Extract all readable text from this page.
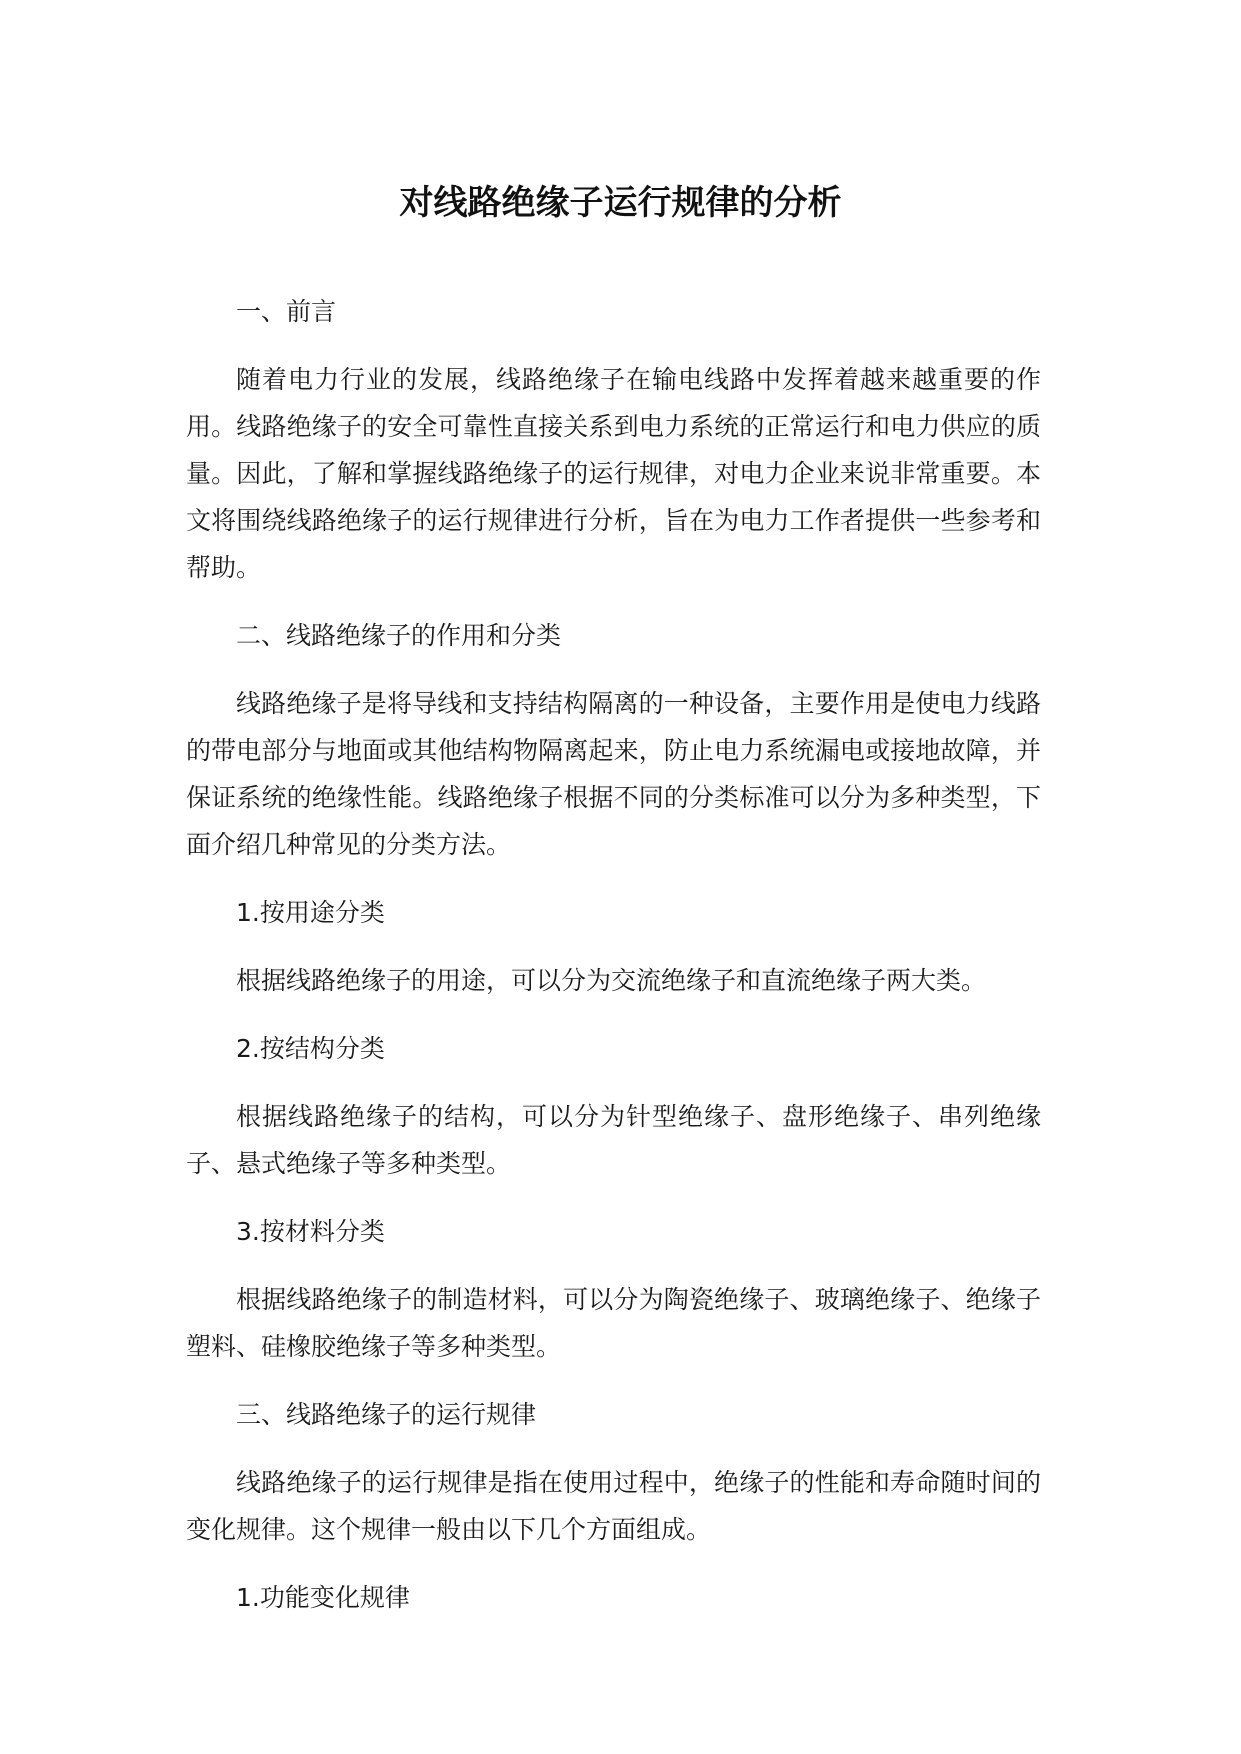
对线路绝缘子运行规律的分析

一、前言

随着电力行业的发展，线路绝缘子在输电线路中发挥着越来越重要的作用。线路绝缘子的安全可靠性直接关系到电力系统的正常运行和电力供应的质量。因此，了解和掌握线路绝缘子的运行规律，对电力企业来说非常重要。本文将围绕线路绝缘子的运行规律进行分析，旨在为电力工作者提供一些参考和帮助。

二、线路绝缘子的作用和分类

线路绝缘子是将导线和支持结构隔离的一种设备，主要作用是使电力线路的带电部分与地面或其他结构物隔离起来，防止电力系统漏电或接地故障，并保证系统的绝缘性能。线路绝缘子根据不同的分类标准可以分为多种类型，下面介绍几种常见的分类方法。

1.按用途分类

根据线路绝缘子的用途，可以分为交流绝缘子和直流绝缘子两大类。

2.按结构分类

根据线路绝缘子的结构，可以分为针型绝缘子、盘形绝缘子、串列绝缘子、悬式绝缘子等多种类型。

3.按材料分类

根据线路绝缘子的制造材料，可以分为陶瓷绝缘子、玻璃绝缘子、绝缘子塑料、硅橡胶绝缘子等多种类型。

三、线路绝缘子的运行规律

线路绝缘子的运行规律是指在使用过程中，绝缘子的性能和寿命随时间的变化规律。这个规律一般由以下几个方面组成。

1.功能变化规律
